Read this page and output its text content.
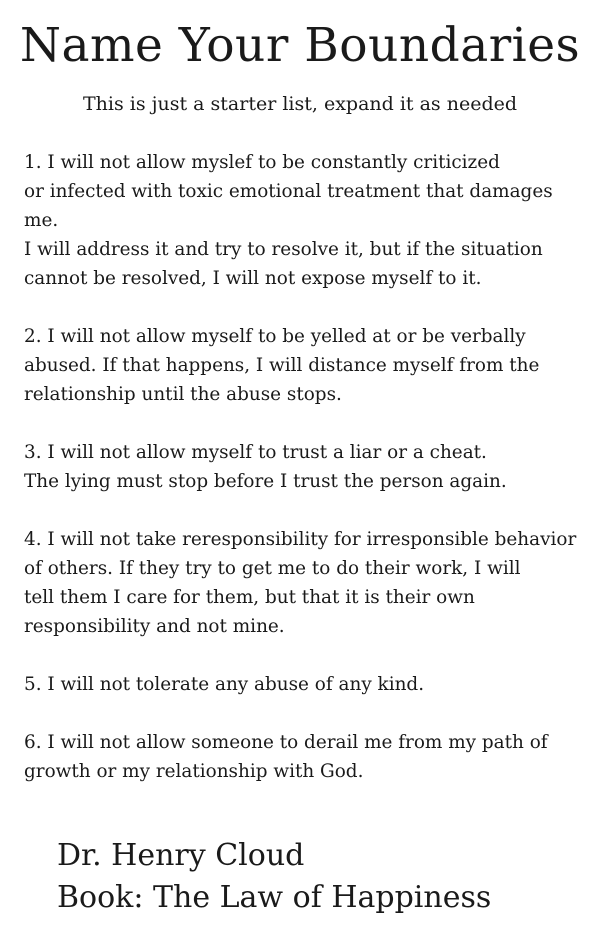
Name Your Boundaries

This is just a starter list, expand it as needed

1. I will not allow mysle​f to be constantly criticized
or infected with toxic emotional treatment that damages me.
I will address it and try to resolve it, but if the situation
cannot be resolved, I will not expose myself to it.
2. I will not allow myself to be yelled at or be verbally
abused. If that happens, I will distance myself from the
relationship until the abuse stops.
3. I will not allow myself to trust a liar or a cheat.
The lying must stop before I trust the person again.
4. I will not take reresponsibility for irresponsible behavior
of others. If they try to get me to do their work, I will
tell them I care for them, but that it is their own
responsibility and not mine.
5. I will not tolerate any abuse of any kind.
6. I will not allow someone to derail me from my path of
growth or my relationship with God.

Dr. Henry Cloud

Book: The Law of Happiness
